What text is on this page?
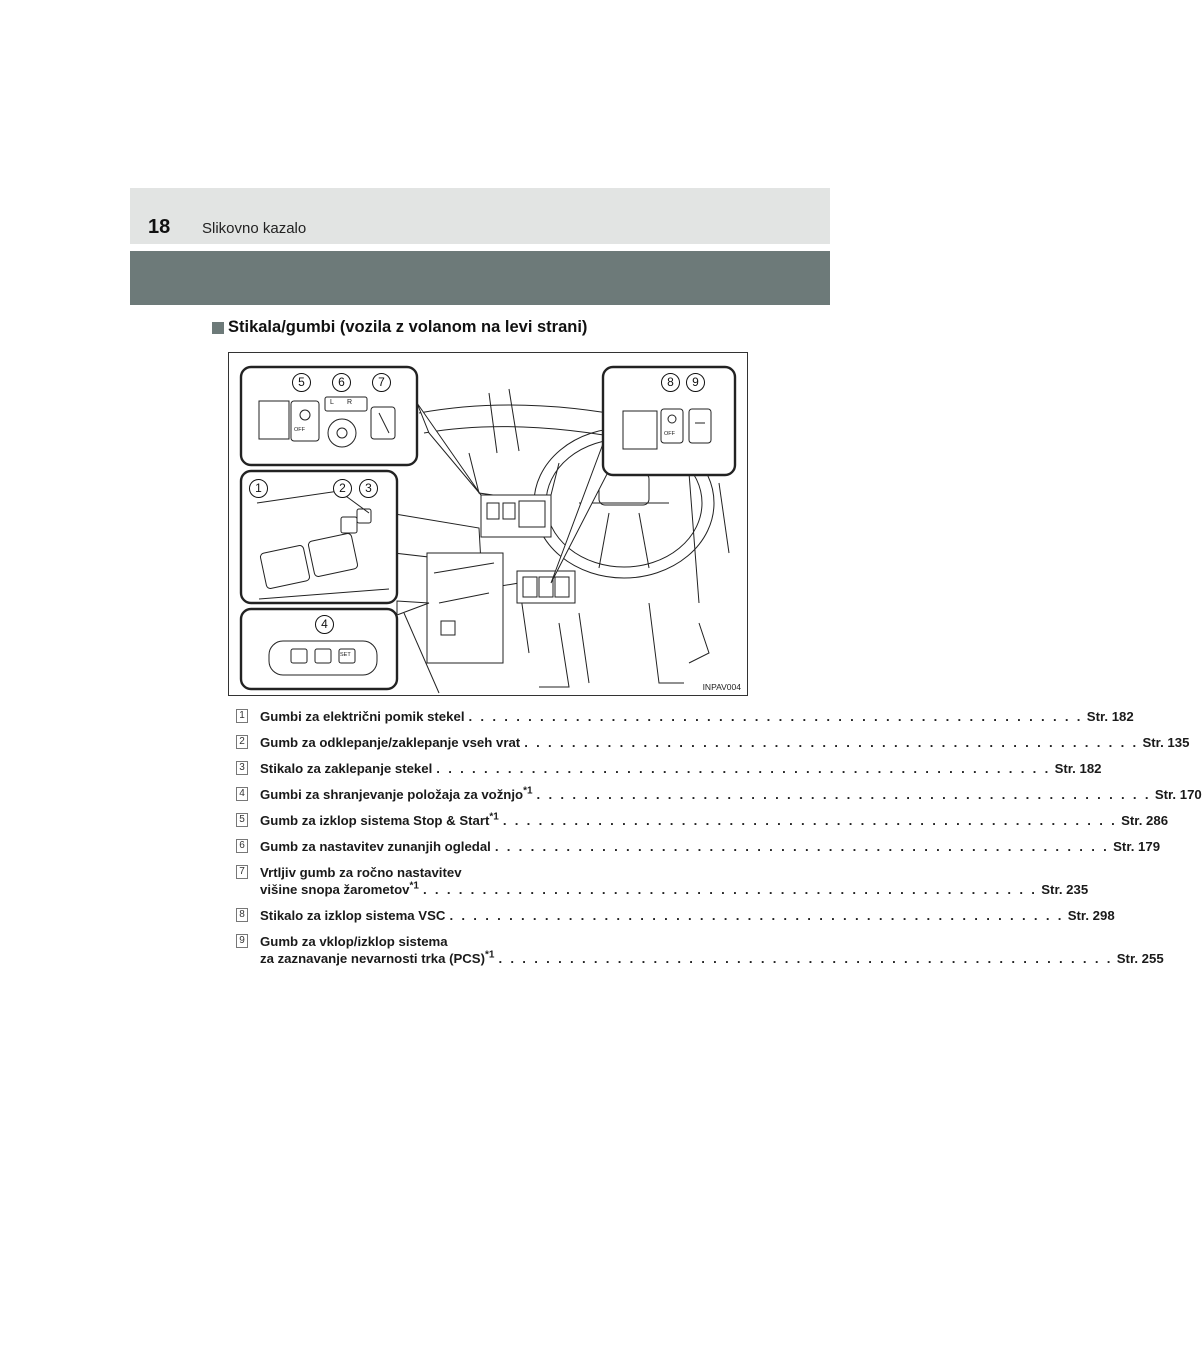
18 Slikovno kazalo
Stikala/gumbi (vozila z volanom na levi strani)
OFF
L R
OFF
SET
5	6	7	8	9
1	2	3
4
INPAV004
1 Gumbi za električni pomik stekel . . . . . . . . . . . . . . . . . . . . . . . . . . . . . . . . . . . . . . . . . . . . . . . . . . . . Str. 182
2 Gumb za odklepanje/zaklepanje vseh vrat . . . . . . . . . . . . . . . . . . . . . . . . . . . . . . . . . . . . . . . . . . . . . . . . . . . . Str. 135
3 Stikalo za zaklepanje stekel . . . . . . . . . . . . . . . . . . . . . . . . . . . . . . . . . . . . . . . . . . . . . . . . . . . . Str. 182
4 Gumbi za shranjevanje položaja za vožnjo$^{*1}$ . . . . . . . . . . . . . . . . . . . . . . . . . . . . . . . . . . . . . . . . . . . . . . . . . . . . Str. 170
5 Gumb za izklop sistema Stop & Start$^{*1}$ . . . . . . . . . . . . . . . . . . . . . . . . . . . . . . . . . . . . . . . . . . . . . . . . . . . . Str. 286
6 Gumb za nastavitev zunanjih ogledal . . . . . . . . . . . . . . . . . . . . . . . . . . . . . . . . . . . . . . . . . . . . . . . . . . . . Str. 179
7 Vrtljiv gumb za ročno nastavitev
višine snopa žarometov$^{*1}$ . . . . . . . . . . . . . . . . . . . . . . . . . . . . . . . . . . . . . . . . . . . . . . . . . . . . Str. 235
8 Stikalo za izklop sistema VSC . . . . . . . . . . . . . . . . . . . . . . . . . . . . . . . . . . . . . . . . . . . . . . . . . . . . Str. 298
9 Gumb za vklop/izklop sistema
za zaznavanje nevarnosti trka (PCS)$^{*1}$ . . . . . . . . . . . . . . . . . . . . . . . . . . . . . . . . . . . . . . . . . . . . . . . . . . . . Str. 255
